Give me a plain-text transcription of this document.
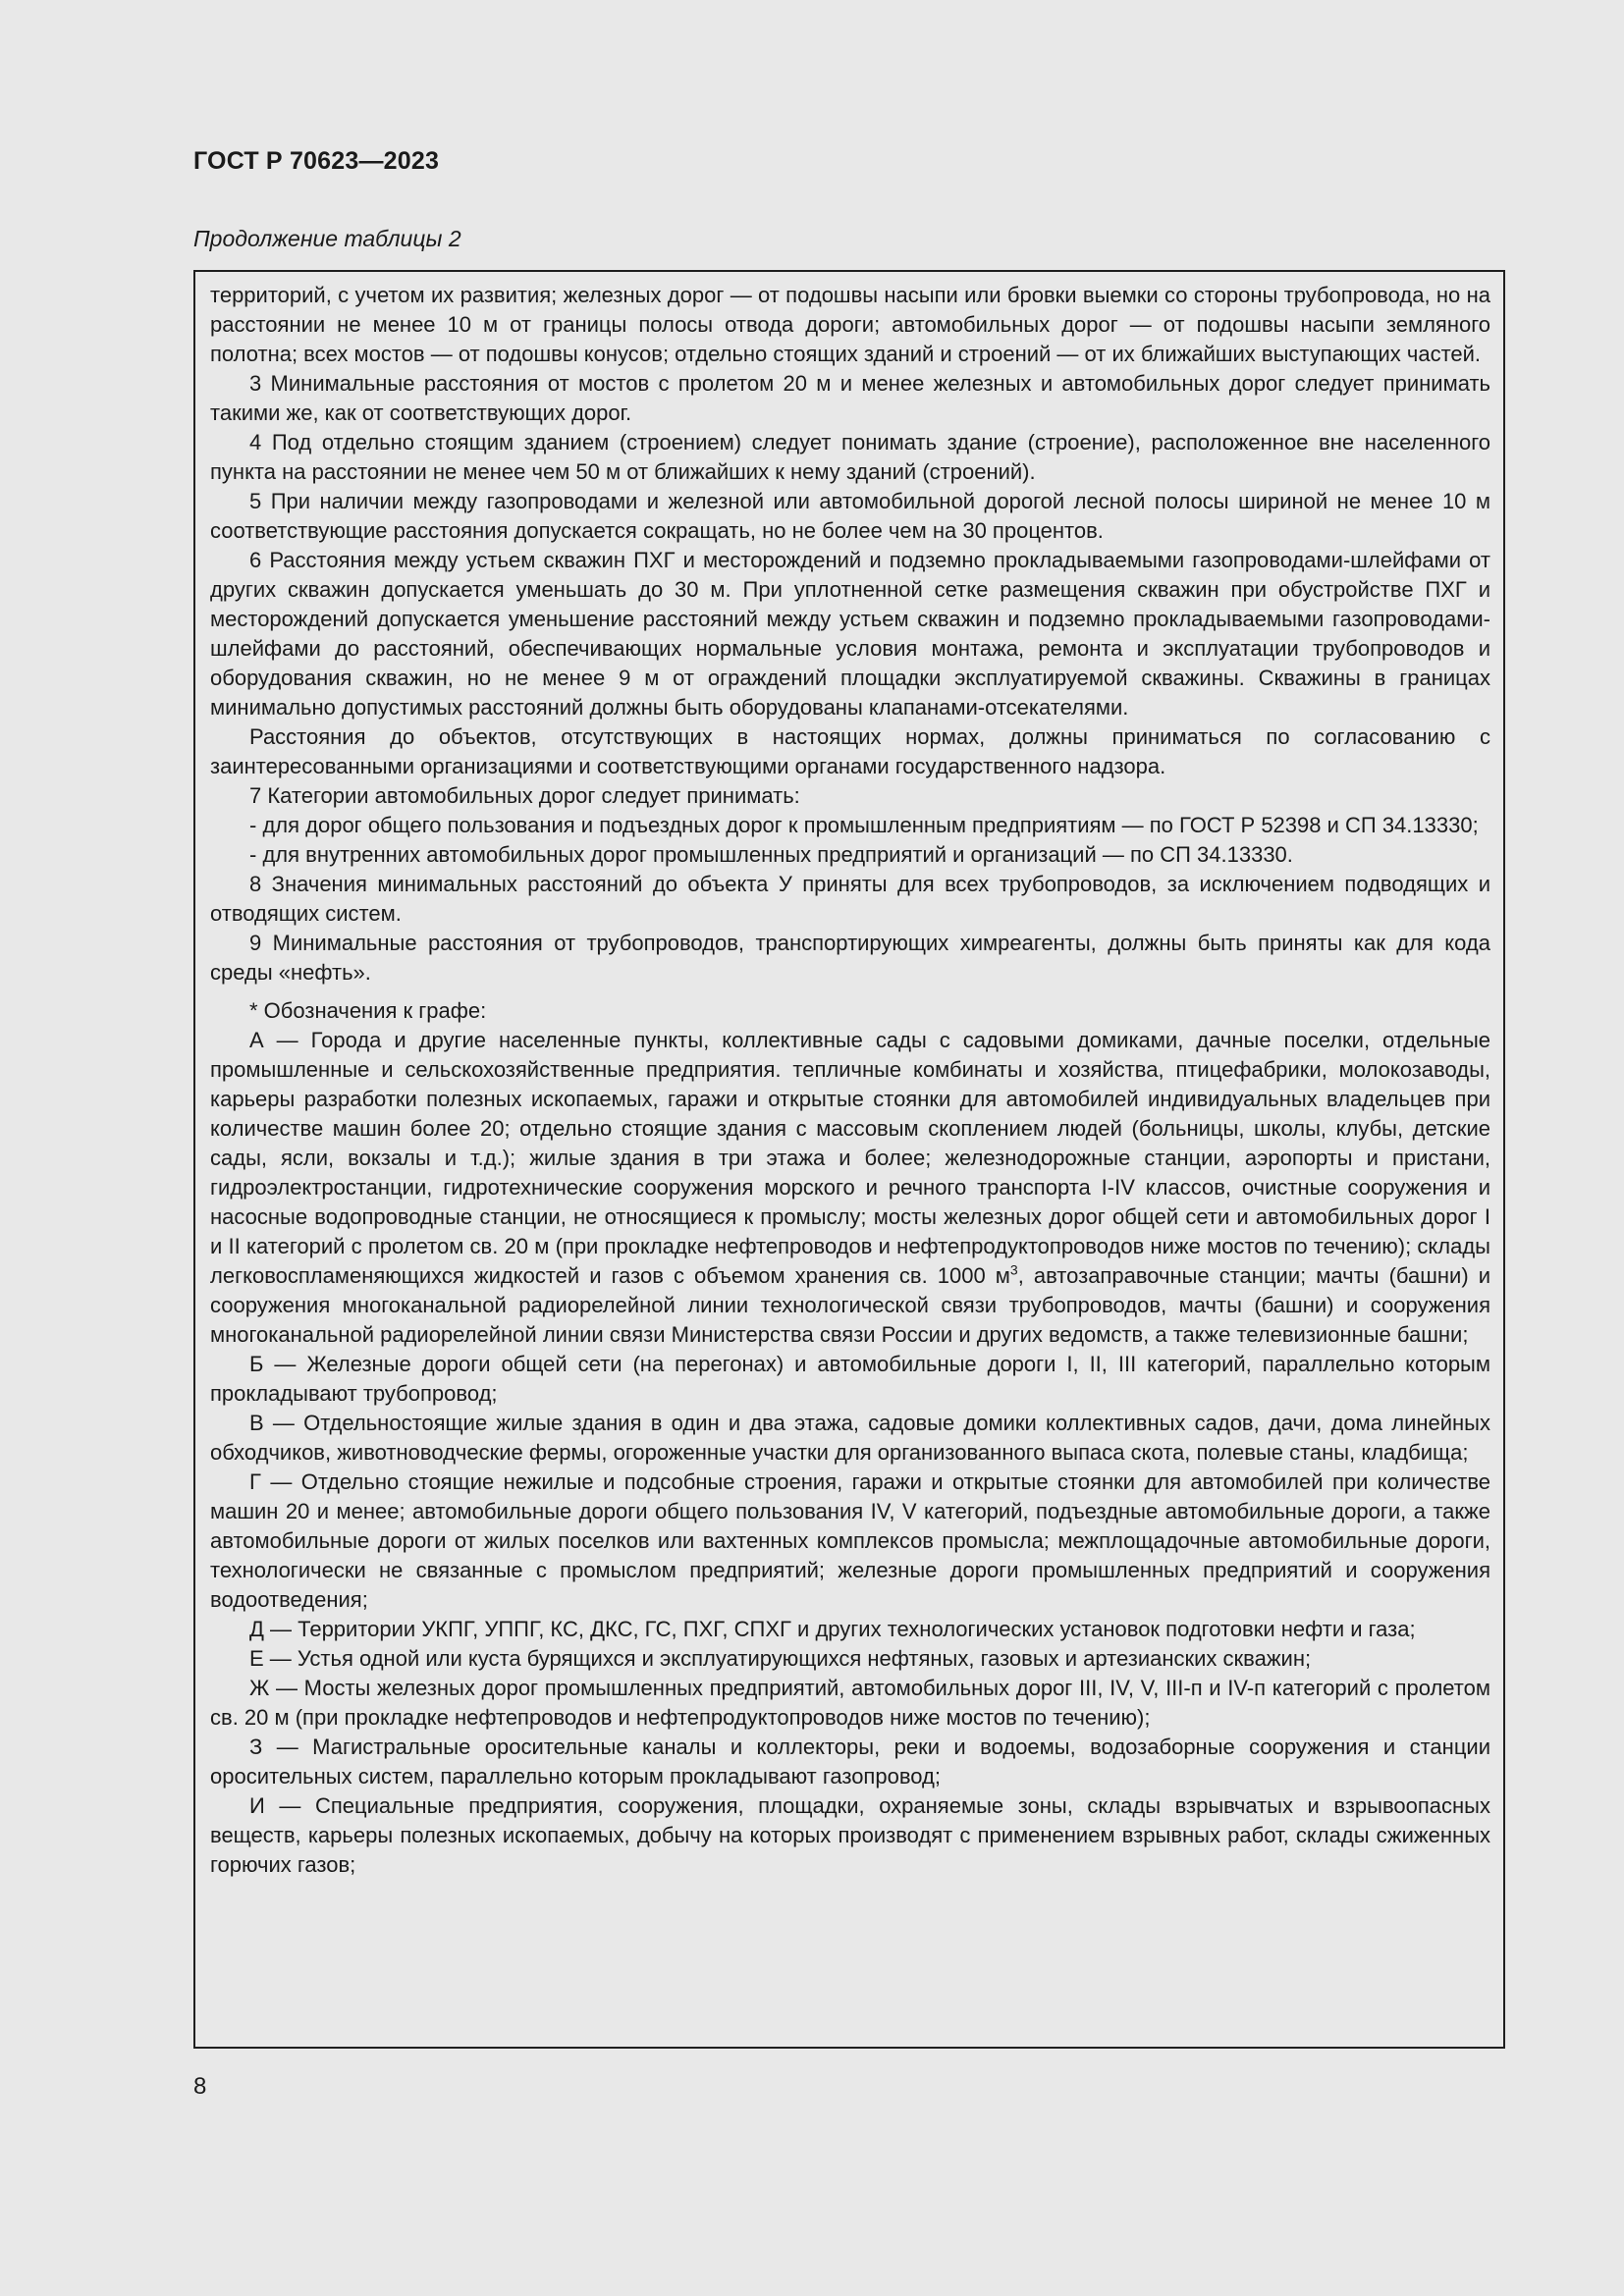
ГОСТ Р 70623—2023
Продолжение таблицы 2

территорий, с учетом их развития; железных дорог — от подошвы насыпи или бровки выемки со стороны трубопровода, но на расстоянии не менее 10 м от границы полосы отвода дороги; автомобильных дорог — от подошвы насыпи земляного полотна; всех мостов — от подошвы конусов; отдельно стоящих зданий и строений — от их ближайших выступающих частей.

3 Минимальные расстояния от мостов с пролетом 20 м и менее железных и автомобильных дорог следует принимать такими же, как от соответствующих дорог.

4 Под отдельно стоящим зданием (строением) следует понимать здание (строение), расположенное вне населенного пункта на расстоянии не менее чем 50 м от ближайших к нему зданий (строений).

5 При наличии между газопроводами и железной или автомобильной дорогой лесной полосы шириной не менее 10 м соответствующие расстояния допускается сокращать, но не более чем на 30 процентов.

6 Расстояния между устьем скважин ПХГ и месторождений и подземно прокладываемыми газопроводами-шлейфами от других скважин допускается уменьшать до 30 м. При уплотненной сетке размещения скважин при обустройстве ПХГ и месторождений допускается уменьшение расстояний между устьем скважин и подземно прокладываемыми газопроводами-шлейфами до расстояний, обеспечивающих нормальные условия монтажа, ремонта и эксплуатации трубопроводов и оборудования скважин, но не менее 9 м от ограждений площадки эксплуатируемой скважины. Скважины в границах минимально допустимых расстояний должны быть оборудованы клапанами-отсекателями.

Расстояния до объектов, отсутствующих в настоящих нормах, должны приниматься по согласованию с заинтересованными организациями и соответствующими органами государственного надзора.

7 Категории автомобильных дорог следует принимать:

- для дорог общего пользования и подъездных дорог к промышленным предприятиям — по ГОСТ Р 52398 и СП 34.13330;

- для внутренних автомобильных дорог промышленных предприятий и организаций — по СП 34.13330.

8 Значения минимальных расстояний до объекта У приняты для всех трубопроводов, за исключением подводящих и отводящих систем.

9 Минимальные расстояния от трубопроводов, транспортирующих химреагенты, должны быть приняты как для кода среды «нефть».

* Обозначения к графе:

А — Города и другие населенные пункты, коллективные сады с садовыми домиками, дачные поселки, отдельные промышленные и сельскохозяйственные предприятия. тепличные комбинаты и хозяйства, птицефабрики, молокозаводы, карьеры разработки полезных ископаемых, гаражи и открытые стоянки для автомобилей индивидуальных владельцев при количестве машин более 20; отдельно стоящие здания с массовым скоплением людей (больницы, школы, клубы, детские сады, ясли, вокзалы и т.д.); жилые здания в три этажа и более; железнодорожные станции, аэропорты и пристани, гидроэлектростанции, гидротехнические сооружения морского и речного транспорта I-IV классов, очистные сооружения и насосные водопроводные станции, не относящиеся к промыслу; мосты железных дорог общей сети и автомобильных дорог I и II категорий с пролетом св. 20 м (при прокладке нефтепроводов и нефтепродуктопроводов ниже мостов по течению); склады легковоспламеняющихся жидкостей и газов с объемом хранения св. 1000 $м^3$, автозаправочные станции; мачты (башни) и сооружения многоканальной радиорелейной линии технологической связи трубопроводов, мачты (башни) и сооружения многоканальной радиорелейной линии связи Министерства связи России и других ведомств, а также телевизионные башни;

Б — Железные дороги общей сети (на перегонах) и автомобильные дороги I, II, III категорий, параллельно которым прокладывают трубопровод;

В — Отдельностоящие жилые здания в один и два этажа, садовые домики коллективных садов, дачи, дома линейных обходчиков, животноводческие фермы, огороженные участки для организованного выпаса скота, полевые станы, кладбища;

Г — Отдельно стоящие нежилые и подсобные строения, гаражи и открытые стоянки для автомобилей при количестве машин 20 и менее; автомобильные дороги общего пользования IV, V категорий, подъездные автомобильные дороги, а также автомобильные дороги от жилых поселков или вахтенных комплексов промысла; межплощадочные автомобильные дороги, технологически не связанные с промыслом предприятий; железные дороги промышленных предприятий и сооружения водоотведения;

Д — Территории УКПГ, УППГ, КС, ДКС, ГС, ПХГ, СПХГ и других технологических установок подготовки нефти и газа;

Е — Устья одной или куста бурящихся и эксплуатирующихся нефтяных, газовых и артезианских скважин;

Ж — Мосты железных дорог промышленных предприятий, автомобильных дорог III, IV, V, III-п и IV-п категорий с пролетом св. 20 м (при прокладке нефтепроводов и нефтепродуктопроводов ниже мостов по течению);

З — Магистральные оросительные каналы и коллекторы, реки и водоемы, водозаборные сооружения и станции оросительных систем, параллельно которым прокладывают газопровод;

И — Специальные предприятия, сооружения, площадки, охраняемые зоны, склады взрывчатых и взрывоопасных веществ, карьеры полезных ископаемых, добычу на которых производят с применением взрывных работ, склады сжиженных горючих газов;

8
